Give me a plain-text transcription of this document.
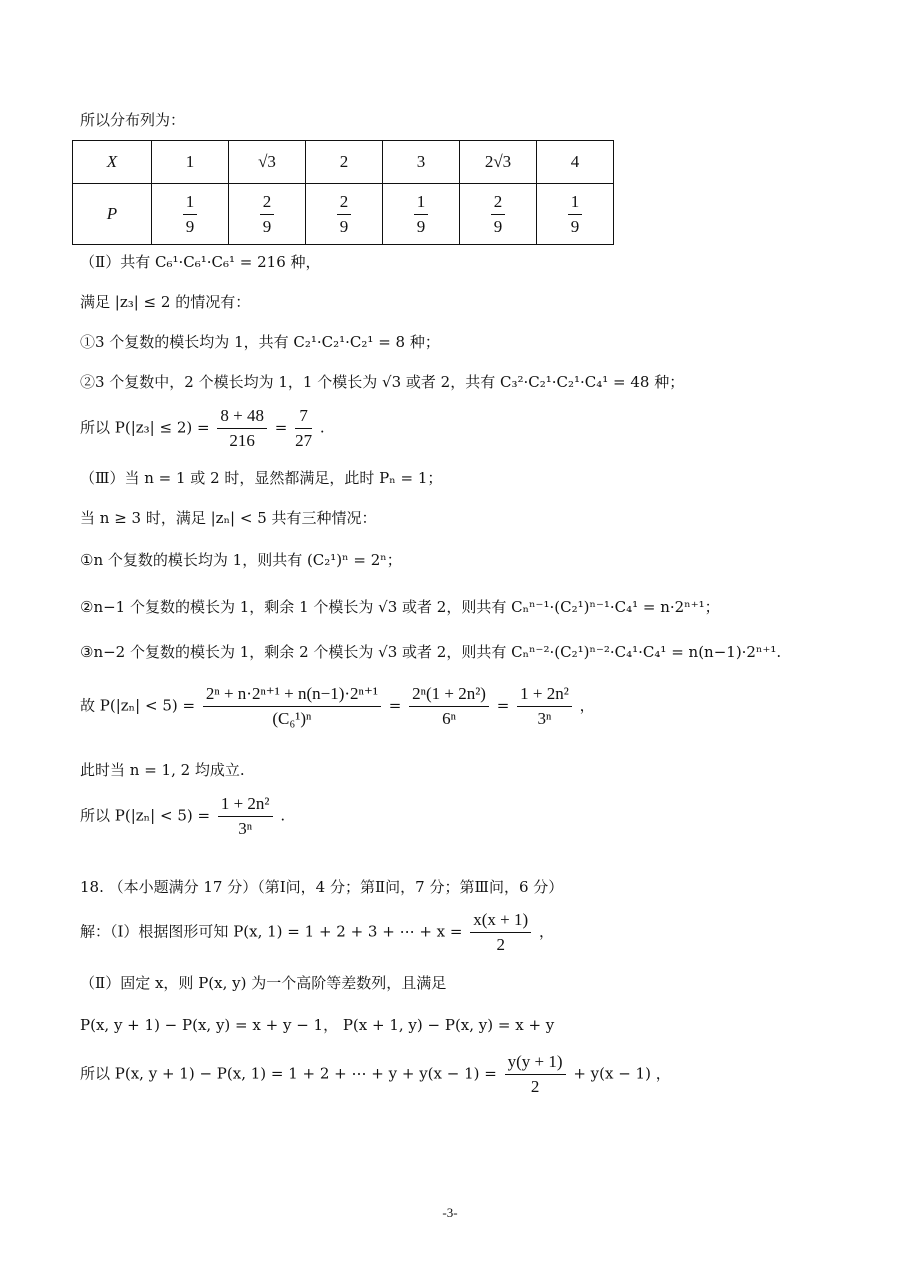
所以分布列为：
X	1	√3	2	3	2√3	4
P	$\frac{1}{9}$	$\frac{2}{9}$	$\frac{2}{9}$	$\frac{1}{9}$	$\frac{2}{9}$	$\frac{1}{9}$
（Ⅱ）共有 C₆¹·C₆¹·C₆¹ = 216 种，
满足 |z₃| ≤ 2 的情况有：
①3 个复数的模长均为 1，共有 C₂¹·C₂¹·C₂¹ = 8 种；
②3 个复数中，2 个模长均为 1，1 个模长为 √3 或者 2，共有 C₃²·C₂¹·C₂¹·C₄¹ = 48 种；
所以 $P(|z_3| \le 2) = \frac{8 + 48}{216} = \frac{7}{27}$ .
（Ⅲ）当 n = 1 或 2 时，显然都满足，此时 Pₙ = 1；
当 n ≥ 3 时，满足 |zₙ| < 5 共有三种情况：
①n 个复数的模长均为 1，则共有 (C₂¹)ⁿ = 2ⁿ；
②n−1 个复数的模长为 1，剩余 1 个模长为 √3 或者 2，则共有 Cₙⁿ⁻¹·(C₂¹)ⁿ⁻¹·C₄¹ = n·2ⁿ⁺¹；
③n−2 个复数的模长为 1，剩余 2 个模长为 √3 或者 2，则共有 Cₙⁿ⁻²·(C₂¹)ⁿ⁻²·C₄¹·C₄¹ = n(n−1)·2ⁿ⁺¹.
故 $P(|z_n| < 5) = \frac{\text{2ⁿ + n·2ⁿ⁺¹ + n(n−1)·2ⁿ⁺¹}}{\text{(C₆¹)ⁿ}} = \frac{\text{2ⁿ(1 + 2n²)}}{\text{6ⁿ}} = \frac{\text{1 + 2n²}}{\text{3ⁿ}}$ ，
此时当 n = 1, 2 均成立.
所以 $P(|z_n| < 5) = \frac{\text{1 + 2n²}}{\text{3ⁿ}}$ .
18. （本小题满分 17 分）（第Ⅰ问，4 分；第Ⅱ问，7 分；第Ⅲ问，6 分）
解：（Ⅰ）根据图形可知 P(x, 1) = 1 + 2 + 3 + ⋯ + $x = \frac{x(x + 1)}{2}$ ，
（Ⅱ）固定 x，则 P(x, y) 为一个高阶等差数列，且满足
P(x, y + 1) − P(x, y) = x + y − 1， P(x + 1, y) − P(x, y) = x + y
所以 P(x, y + 1) − P(x, 1) = 1 + 2 + ⋯ + $y + y(x - 1) = \frac{y(y + 1)}{2} + y(x - 1)$ ，
-3-
